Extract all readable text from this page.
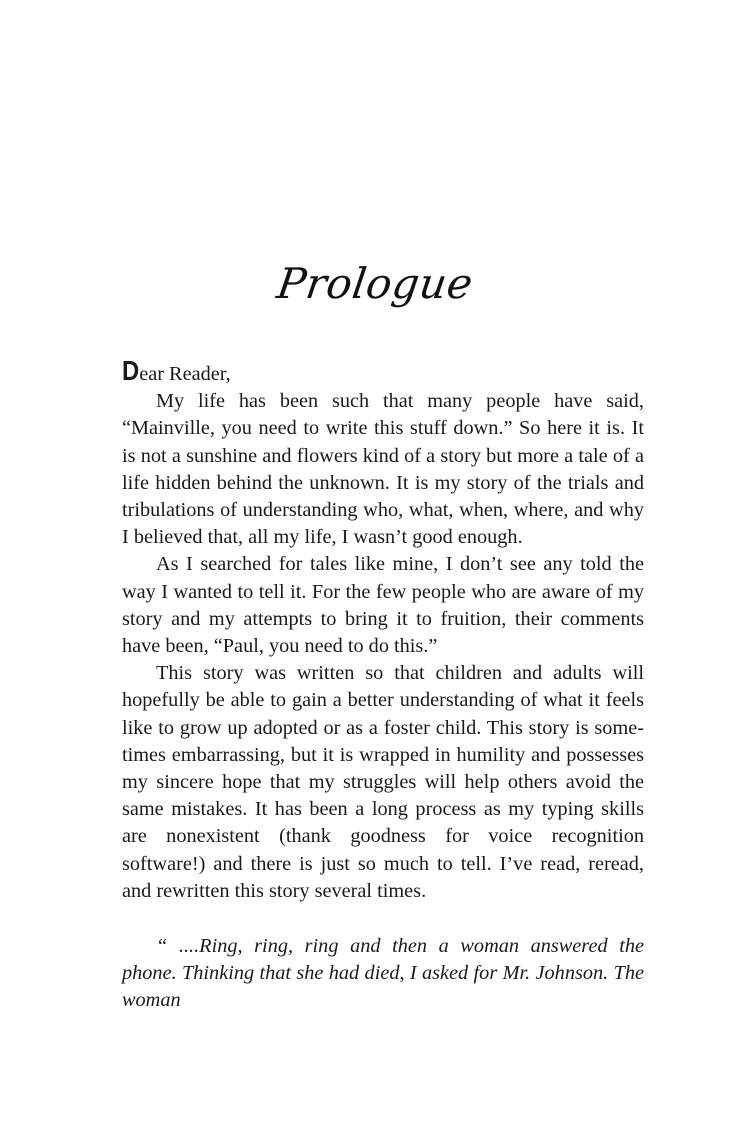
Prologue

Dear Reader,

My life has been such that many people have said, “Mainville, you need to write this stuff down.” So here it is. It is not a sunshine and flowers kind of a story but more a tale of a life hidden behind the unknown. It is my story of the trials and tribulations of understanding who, what, when, where, and why I believed that, all my life, I wasn’t good enough.

As I searched for tales like mine, I don’t see any told the way I wanted to tell it. For the few people who are aware of my story and my attempts to bring it to fruition, their comments have been, “Paul, you need to do this.”

This story was written so that children and adults will hopefully be able to gain a better understanding of what it feels like to grow up adopted or as a foster child. This story is sometimes embarrassing, but it is wrapped in humility and possesses my sincere hope that my struggles will help others avoid the same mistakes. It has been a long process as my typing skills are nonexistent (thank goodness for voice recognition software!) and there is just so much to tell. I’ve read, reread, and rewritten this story several times.

“ ....Ring, ring, ring and then a woman answered the phone. Thinking that she had died, I asked for Mr. Johnson. The woman
